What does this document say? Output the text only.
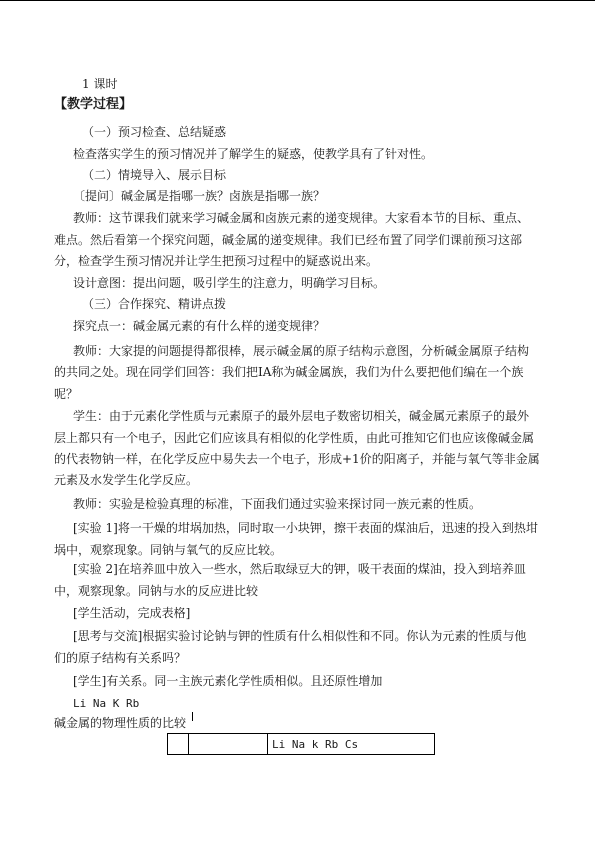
1 课时
【教学过程】
（一）预习检查、总结疑惑
检查落实学生的预习情况并了解学生的疑惑，使教学具有了针对性。
（二）情境导入、展示目标
〔提问〕碱金属是指哪一族？卤族是指哪一族？
教师：这节课我们就来学习碱金属和卤族元素的递变规律。大家看本节的目标、重点、
难点。然后看第一个探究问题，碱金属的递变规律。我们已经布置了同学们课前预习这部
分，检查学生预习情况并让学生把预习过程中的疑惑说出来。
设计意图：提出问题，吸引学生的注意力，明确学习目标。
（三）合作探究、精讲点拨
探究点一：碱金属元素的有什么样的递变规律？
教师：大家提的问题提得都很棒，展示碱金属的原子结构示意图，分析碱金属原子结构
的共同之处。现在同学们回答：我们把ⅠA称为碱金属族，我们为什么要把他们编在一个族
呢？
学生：由于元素化学性质与元素原子的最外层电子数密切相关，碱金属元素原子的最外
层上都只有一个电子，因此它们应该具有相似的化学性质，由此可推知它们也应该像碱金属
的代表物钠一样，在化学反应中易失去一个电子，形成+1价的阳离子，并能与氧气等非金属
元素及水发学生化学反应。
教师：实验是检验真理的标准，下面我们通过实验来探讨同一族元素的性质。
[实验 1]将一干燥的坩埚加热，同时取一小块钾，擦干表面的煤油后，迅速的投入到热坩
埚中，观察现象。同钠与氧气的反应比较。
[实验 2]在培养皿中放入一些水，然后取绿豆大的钾，吸干表面的煤油，投入到培养皿
中，观察现象。同钠与水的反应进比较
[学生活动，完成表格]
[思考与交流]根据实验讨论钠与钾的性质有什么相似性和不同。你认为元素的性质与他
们的原子结构有关系吗？
[学生]有关系。同一主族元素化学性质相似。且还原性增加
Li Na K Rb
碱金属的物理性质的比较
		Li Na k Rb Cs
